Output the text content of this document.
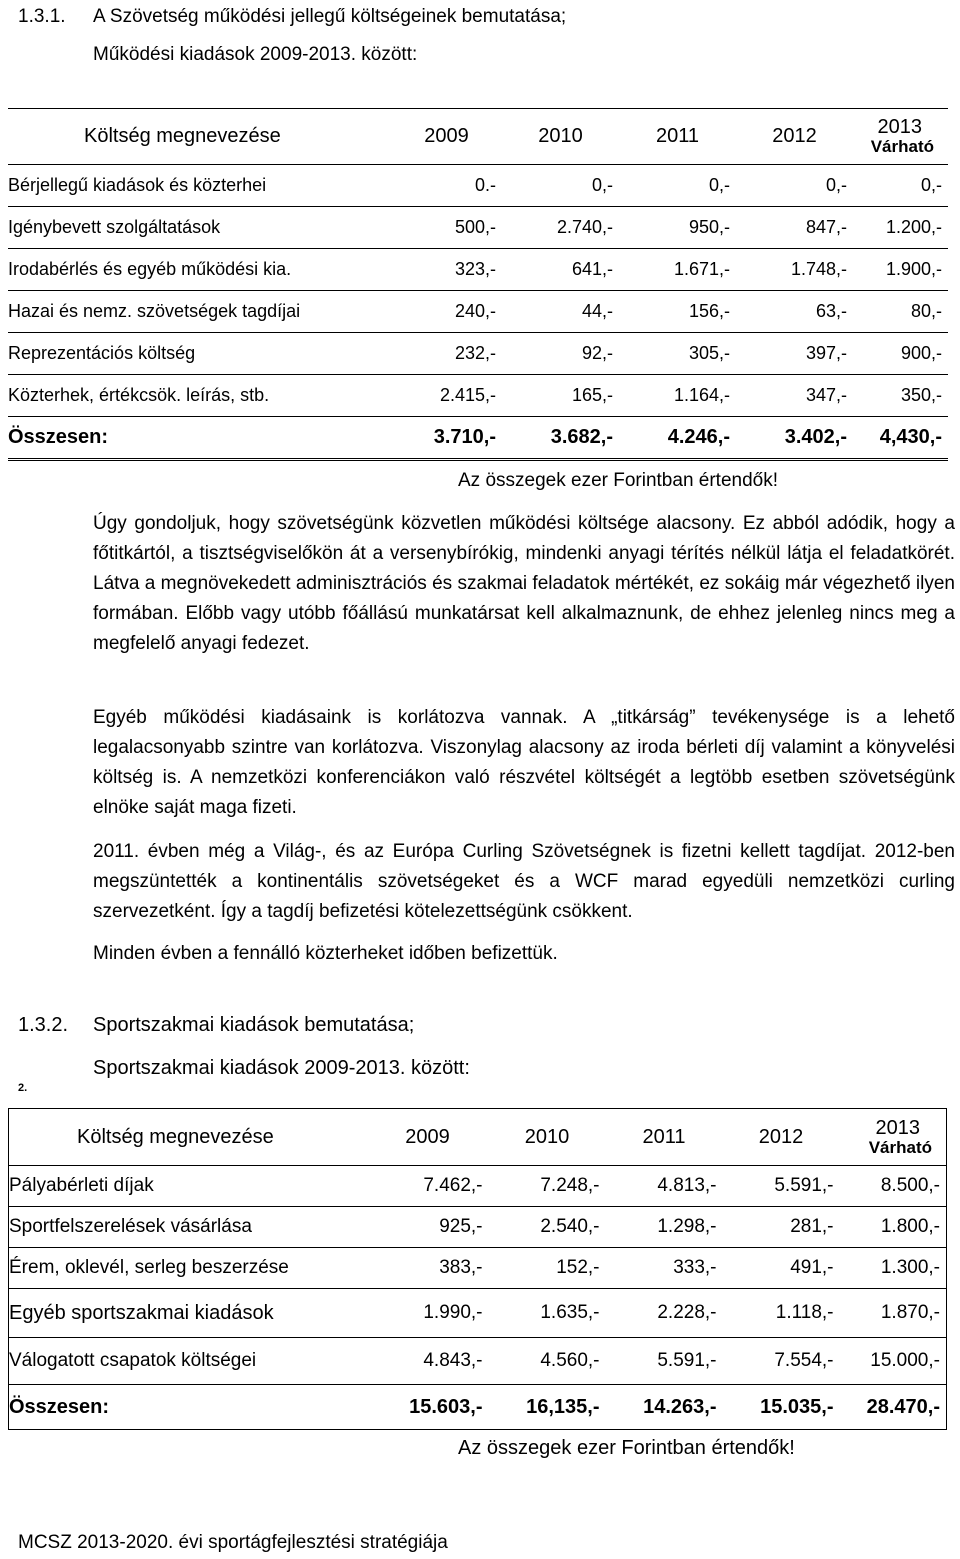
1.3.1. A Szövetség működési jellegű költségeinek bemutatása;
Működési kiadások 2009-2013. között:
Költség megnevezése	2009	2010	2011	2012	2013
Várható

Bérjellegű kiadások és közterhei	0.-	0,-	0,-	0,-	0,-
Igénybevett szolgáltatások	500,-	2.740,-	950,-	847,-	1.200,-
Irodabérlés és egyéb működési kia.	323,-	641,-	1.671,-	1.748,-	1.900,-
Hazai és nemz. szövetségek tagdíjai	240,-	44,-	156,-	63,-	80,-
Reprezentációs költség	232,-	92,-	305,-	397,-	900,-
Közterhek, értékcsök. leírás, stb.	2.415,-	165,-	1.164,-	347,-	350,-
Összesen:	3.710,-	3.682,-	4.246,-	3.402,-	4,430,-
Az összegek ezer Forintban értendők!

Úgy gondoljuk, hogy szövetségünk közvetlen működési költsége alacsony. Ez abból adódik, hogy a főtitkártól, a tisztségviselőkön át a versenybírókig, mindenki anyagi térítés nélkül látja el feladatkörét. Látva a megnövekedett adminisztrációs és szakmai feladatok mértékét, ez sokáig már végezhető ilyen formában. Előbb vagy utóbb főállású munkatársat kell alkalmaznunk, de ehhez jelenleg nincs meg a megfelelő anyagi fedezet.

Egyéb működési kiadásaink is korlátozva vannak. A „titkárság” tevékenysége is a lehető legalacsonyabb szintre van korlátozva. Viszonylag alacsony az iroda bérleti díj valamint a könyvelési költség is. A nemzetközi konferenciákon való részvétel költségét a legtöbb esetben szövetségünk elnöke saját maga fizeti.

2011. évben még a Világ-, és az Európa Curling Szövetségnek is fizetni kellett tagdíjat. 2012-ben megszüntették a kontinentális szövetségeket és a WCF marad egyedüli nemzetközi curling szervezetként. Így a tagdíj befizetési kötelezettségünk csökkent.

Minden évben a fennálló közterheket időben befizettük.

1.3.2. Sportszakmai kiadások bemutatása;
Sportszakmai kiadások 2009-2013. között:
2.
Költség megnevezése	2009	2010	2011	2012	2013
Várható

Pályabérleti díjak	7.462,-	7.248,-	4.813,-	5.591,-	8.500,-
Sportfelszerelések vásárlása	925,-	2.540,-	1.298,-	281,-	1.800,-
Érem, oklevél, serleg beszerzése	383,-	152,-	333,-	491,-	1.300,-
Egyéb sportszakmai kiadások	1.990,-	1.635,-	2.228,-	1.118,-	1.870,-
Válogatott csapatok költségei	4.843,-	4.560,-	5.591,-	7.554,-	15.000,-
Összesen:	15.603,-	16,135,-	14.263,-	15.035,-	28.470,-
Az összegek ezer Forintban értendők!
MCSZ 2013-2020. évi sportágfejlesztési stratégiája
